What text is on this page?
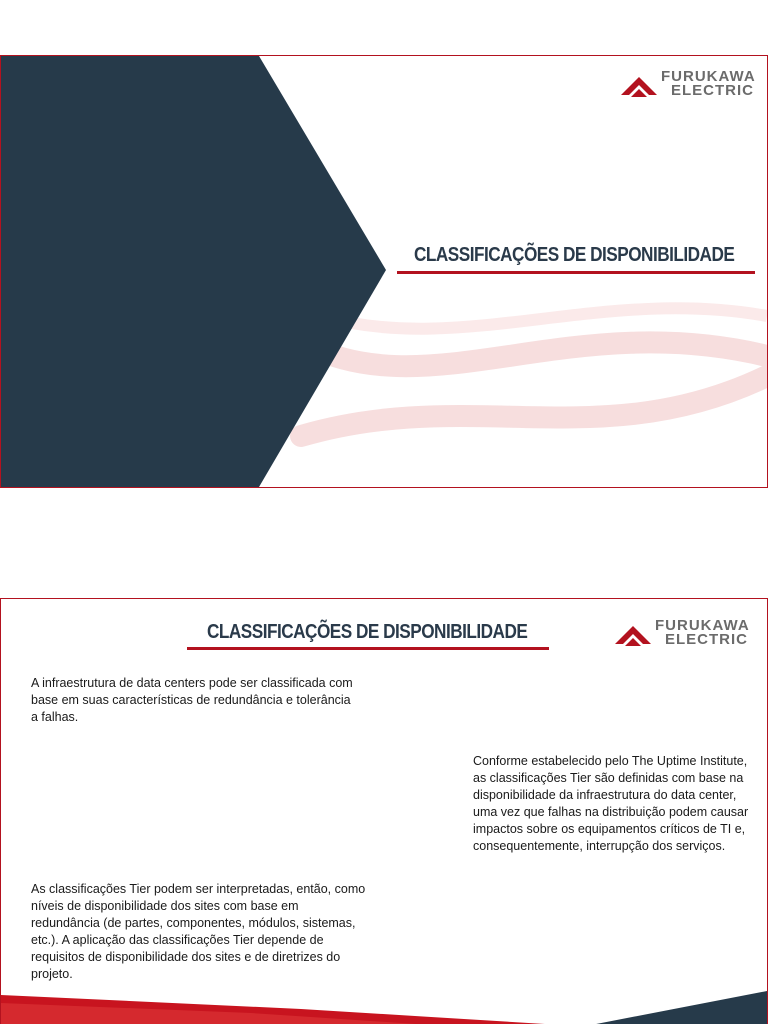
FURUKAWA
ELECTRIC
CLASSIFICAÇÕES DE DISPONIBILIDADE
CLASSIFICAÇÕES DE DISPONIBILIDADE	FURUKAWA
ELECTRIC

A infraestrutura de data centers pode ser classificada com base em suas características de redundância e tolerância a falhas.

Conforme estabelecido pelo The Uptime Institute, as classificações Tier são definidas com base na disponibilidade da infraestrutura do data center, uma vez que falhas na distribuição podem causar impactos sobre os equipamentos críticos de TI e, consequentemente, interrupção dos serviços.

As classificações Tier podem ser interpretadas, então, como níveis de disponibilidade dos sites com base em redundância (de partes, componentes, módulos, sistemas, etc.). A aplicação das classificações Tier depende de requisitos de disponibilidade dos sites e de diretrizes do projeto.
